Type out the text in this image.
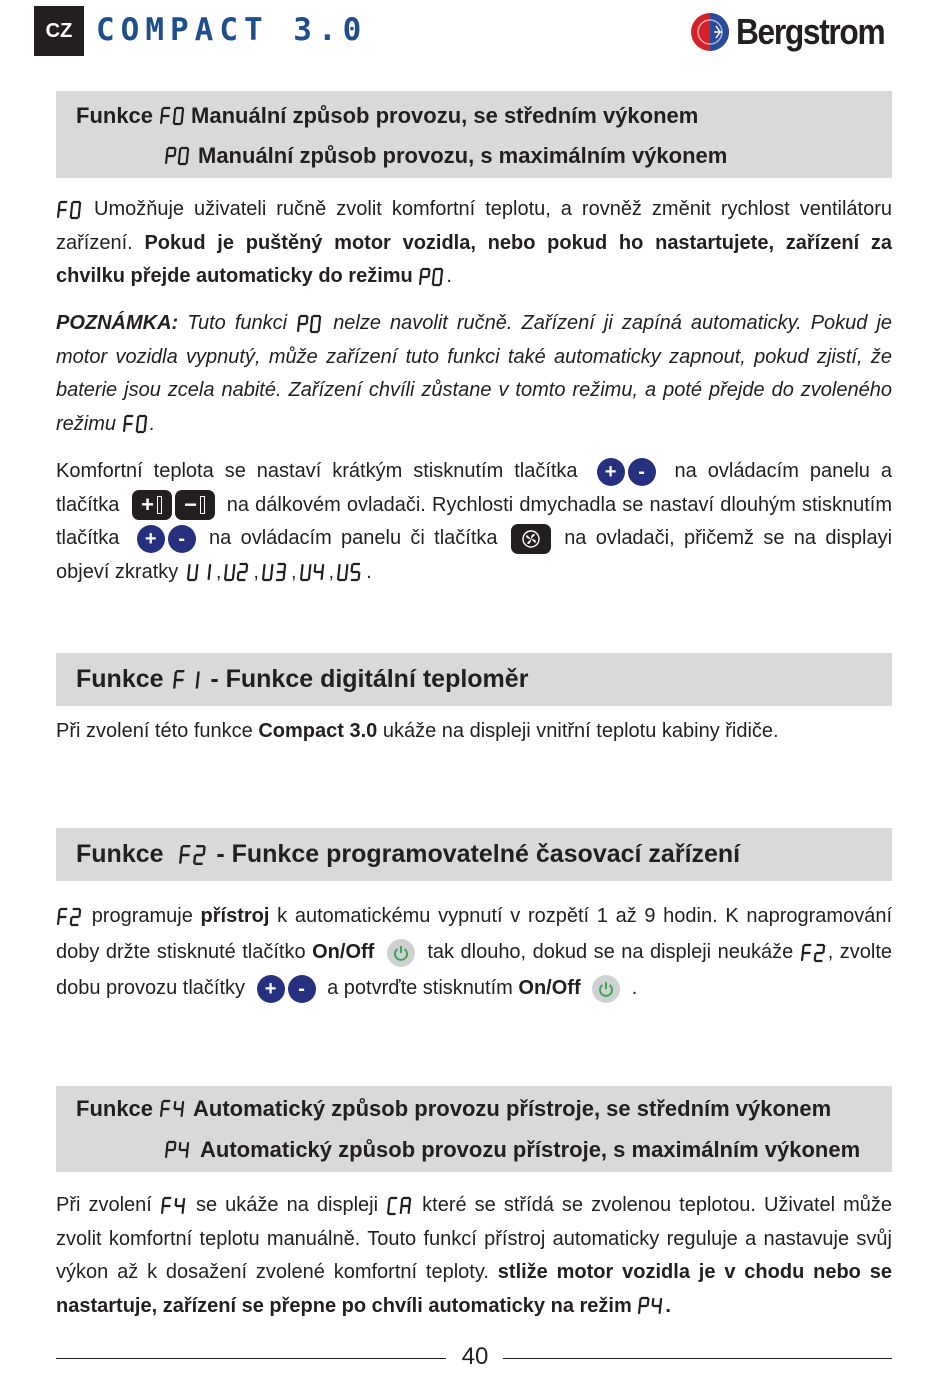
CZ COMPACT 3.0	Bergstrom
Funkce Manuální způsob provozu, se středním výkonem
Manuální způsob provozu, s maximálním výkonem
Umožňuje uživateli ručně zvolit komfortní teplotu, a rovněž změnit rychlost ventilátoru zařízení. Pokud je puštěný motor vozidla, nebo pokud ho nastartujete, zařízení za chvilku přejde automaticky do režimu .
POZNÁMKA: Tuto funkci nelze navolit ručně. Zařízení ji zapíná automaticky. Pokud je motor vozidla vypnutý, může zařízení tuto funkci také automaticky zapnout, pokud zjistí, že baterie jsou zcela nabité. Zařízení chvíli zůstane v tomto režimu, a poté přejde do zvoleného režimu .
Komfortní teplota se nastaví krátkým stisknutím tlačítka + - na ovládacím panelu a tlačítka + − na dálkovém ovladači. Rychlosti dmychadla se nastaví dlouhým stisknutím tlačítka + - na ovládacím panelu či tlačítka	na ovladači, přičemž se na displayi objeví zkratky , , , , .
Funkce - Funkce digitální teploměr
Při zvolení této funkce Compact 3.0 ukáže na displeji vnitřní teplotu kabiny řidiče.
Funkce - Funkce programovatelné časovací zařízení
programuje přístroj k automatickému vypnutí v rozpětí 1 až 9 hodin. K naprogramování doby držte stisknuté tlačítko On/Off	tak dlouho, dokud se na displeji neukáže , zvolte dobu provozu tlačítky + - a potvrďte stisknutím On/Off	.
Funkce Automatický způsob provozu přístroje, se středním výkonem
Automatický způsob provozu přístroje, s maximálním výkonem
Při zvolení se ukáže na displeji které se střídá se zvolenou teplotou. Uživatel může zvolit komfortní teplotu manuálně. Touto funkcí přístroj automaticky reguluje a nastavuje svůj výkon až k dosažení zvolené komfortní teploty. stliže motor vozidla je v chodu nebo se nastartuje, zařízení se přepne po chvíli automaticky na režim .
40
